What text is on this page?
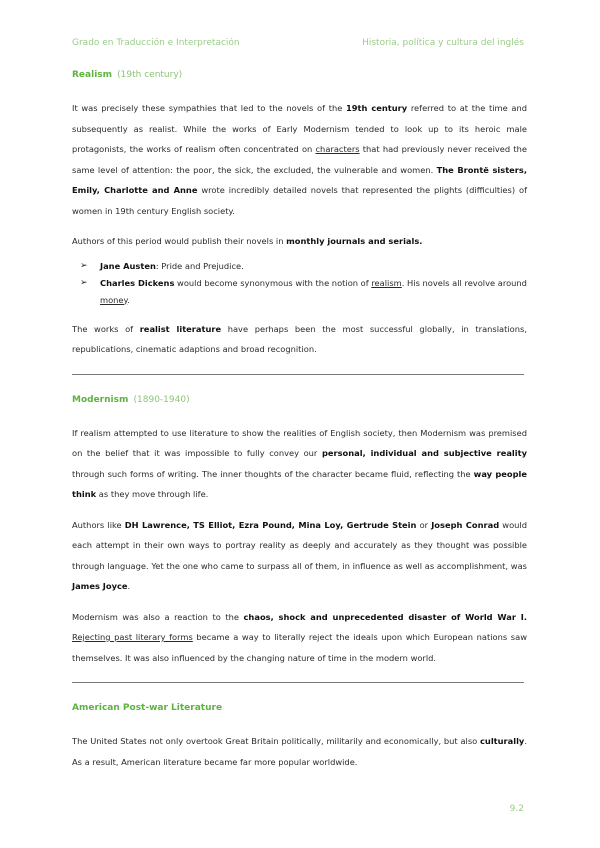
Grado en Traducción e Interpretación	Historia, política y cultura del inglés
Realism (19th century)

It was precisely these sympathies that led to the novels of the 19th century referred to at the time and subsequently as realist. While the works of Early Modernism tended to look up to its heroic male protagonists, the works of realism often concentrated on characters that had previously never received the same level of attention: the poor, the sick, the excluded, the vulnerable and women. The Brontë sisters, Emily, Charlotte and Anne wrote incredibly detailed novels that represented the plights (difficulties) of women in 19th century English society.

Authors of this period would publish their novels in monthly journals and serials.

➢ Jane Austen: Pride and Prejudice.
➢ Charles Dickens would become synonymous with the notion of realism. His novels all revolve around money.

The works of realist literature have perhaps been the most successful globally, in translations, republications, cinematic adaptions and broad recognition.

Modernism (1890-1940)

If realism attempted to use literature to show the realities of English society, then Modernism was premised on the belief that it was impossible to fully convey our personal, individual and subjective reality through such forms of writing. The inner thoughts of the character became fluid, reflecting the way people think as they move through life.

Authors like DH Lawrence, TS Elliot, Ezra Pound, Mina Loy, Gertrude Stein or Joseph Conrad would each attempt in their own ways to portray reality as deeply and accurately as they thought was possible through language. Yet the one who came to surpass all of them, in influence as well as accomplishment, was James Joyce.

Modernism was also a reaction to the chaos, shock and unprecedented disaster of World War I. Rejecting past literary forms became a way to literally reject the ideals upon which European nations saw themselves. It was also influenced by the changing nature of time in the modern world.

American Post-war Literature

The United States not only overtook Great Britain politically, militarily and economically, but also culturally. As a result, American literature became far more popular worldwide.

9.2
